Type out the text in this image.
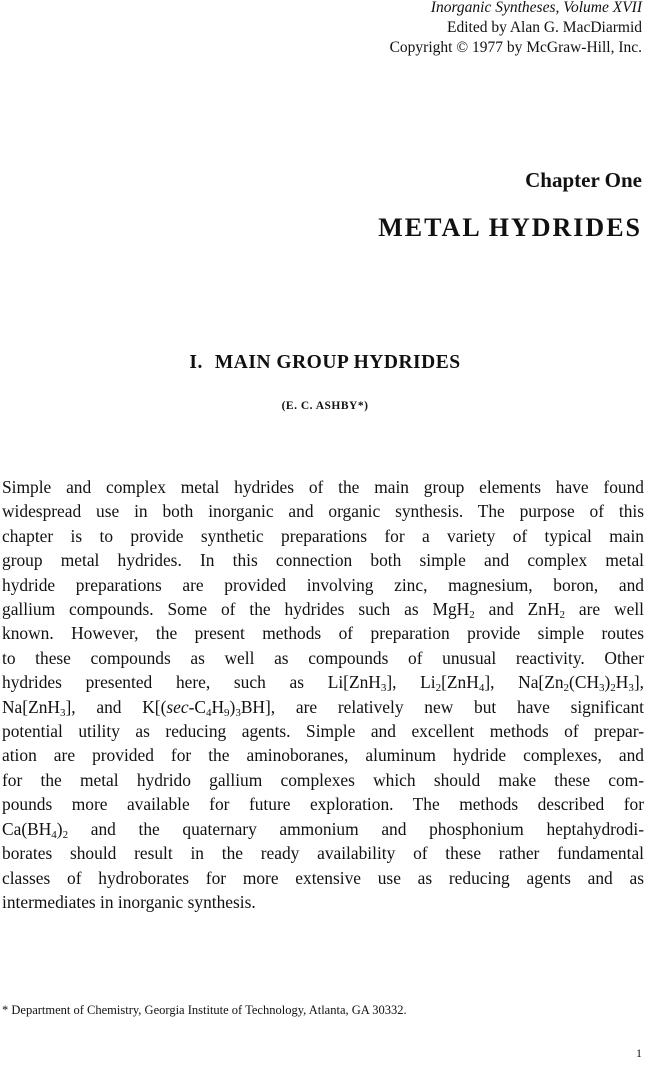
Inorganic Syntheses, Volume XVII
Edited by Alan G. MacDiarmid
Copyright © 1977 by McGraw-Hill, Inc.
Chapter One
METAL HYDRIDES
I. MAIN GROUP HYDRIDES
(E. C. ASHBY*)
Simple and complex metal hydrides of the main group elements have found
widespread use in both inorganic and organic synthesis. The purpose of this
chapter is to provide synthetic preparations for a variety of typical main
group metal hydrides. In this connection both simple and complex metal
hydride preparations are provided involving zinc, magnesium, boron, and
gallium compounds. Some of the hydrides such as MgH$_2$ and ZnH$_2$ are well
known. However, the present methods of preparation provide simple routes
to these compounds as well as compounds of unusual reactivity. Other
hydrides presented here, such as Li[ZnH$_3$], $Li_2[ZnH_4]$, $Na[Zn_2(CH_3)_2H_3]$,
Na[ZnH$_3$], and $K[(\sec-C_4H_9)_3BH]$, are relatively new but have significant
potential utility as reducing agents. Simple and excellent methods of prepar-
ation are provided for the aminoboranes, aluminum hydride complexes, and
for the metal hydrido gallium complexes which should make these com-
pounds more available for future exploration. The methods described for
$Ca(BH_4)_2$ and the quaternary ammonium and phosphonium heptahydrodi-
borates should result in the ready availability of these rather fundamental
classes of hydroborates for more extensive use as reducing agents and as
intermediates in inorganic synthesis.
* Department of Chemistry, Georgia Institute of Technology, Atlanta, GA 30332.
1
